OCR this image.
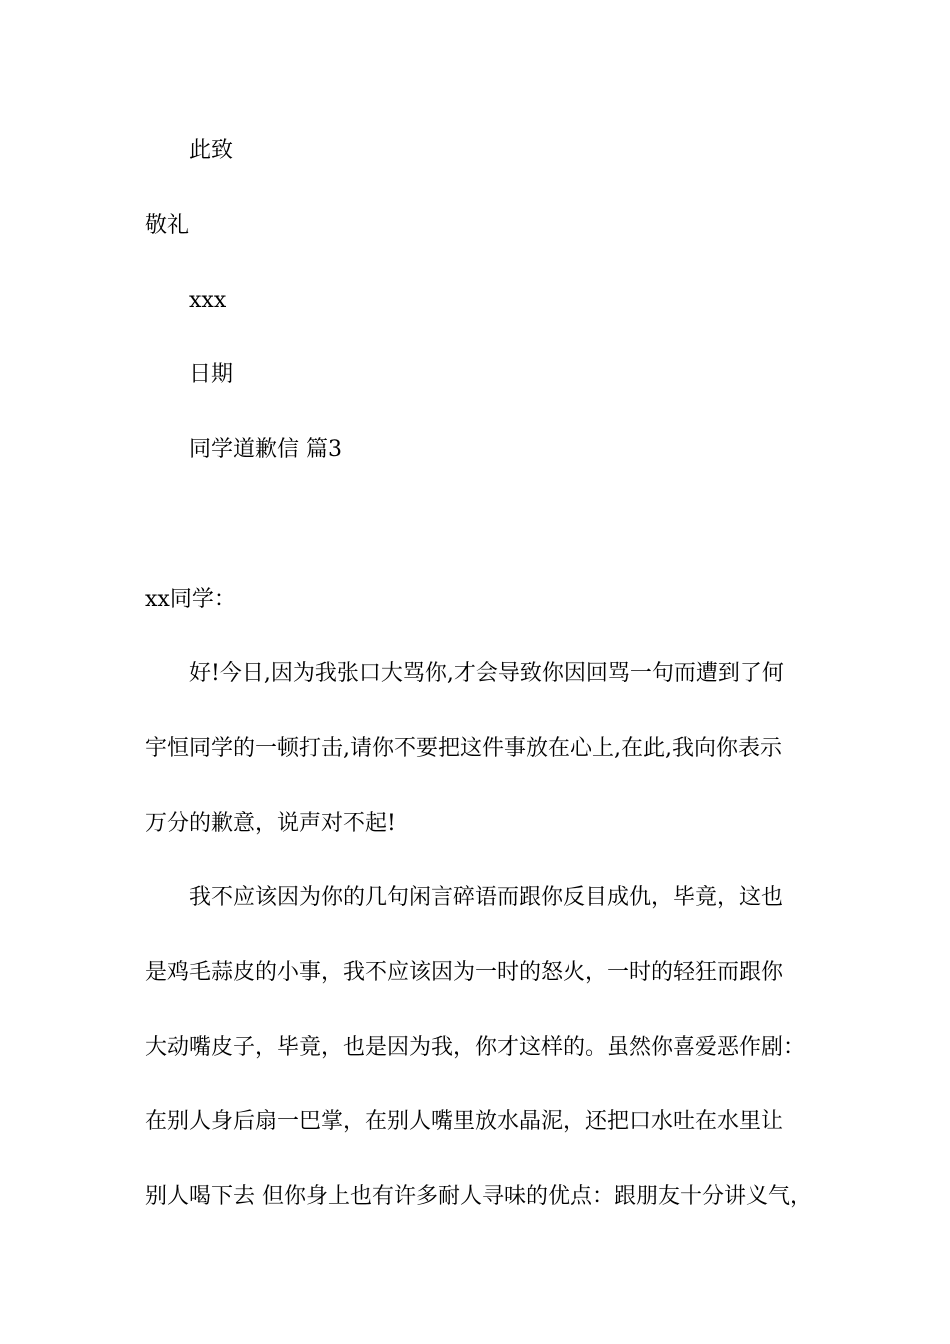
此致
敬礼
xxx
日期
同学道歉信 篇3
xx同学：
好!今日,因为我张口大骂你,才会导致你因回骂一句而遭到了何
宇恒同学的一顿打击,请你不要把这件事放在心上,在此,我向你表示
万分的歉意，说声对不起!
我不应该因为你的几句闲言碎语而跟你反目成仇，毕竟，这也
是鸡毛蒜皮的小事，我不应该因为一时的怒火，一时的轻狂而跟你
大动嘴皮子，毕竟，也是因为我，你才这样的。虽然你喜爱恶作剧：
在别人身后扇一巴掌，在别人嘴里放水晶泥，还把口水吐在水里让
别人喝下去 但你身上也有许多耐人寻味的优点：跟朋友十分讲义气，
